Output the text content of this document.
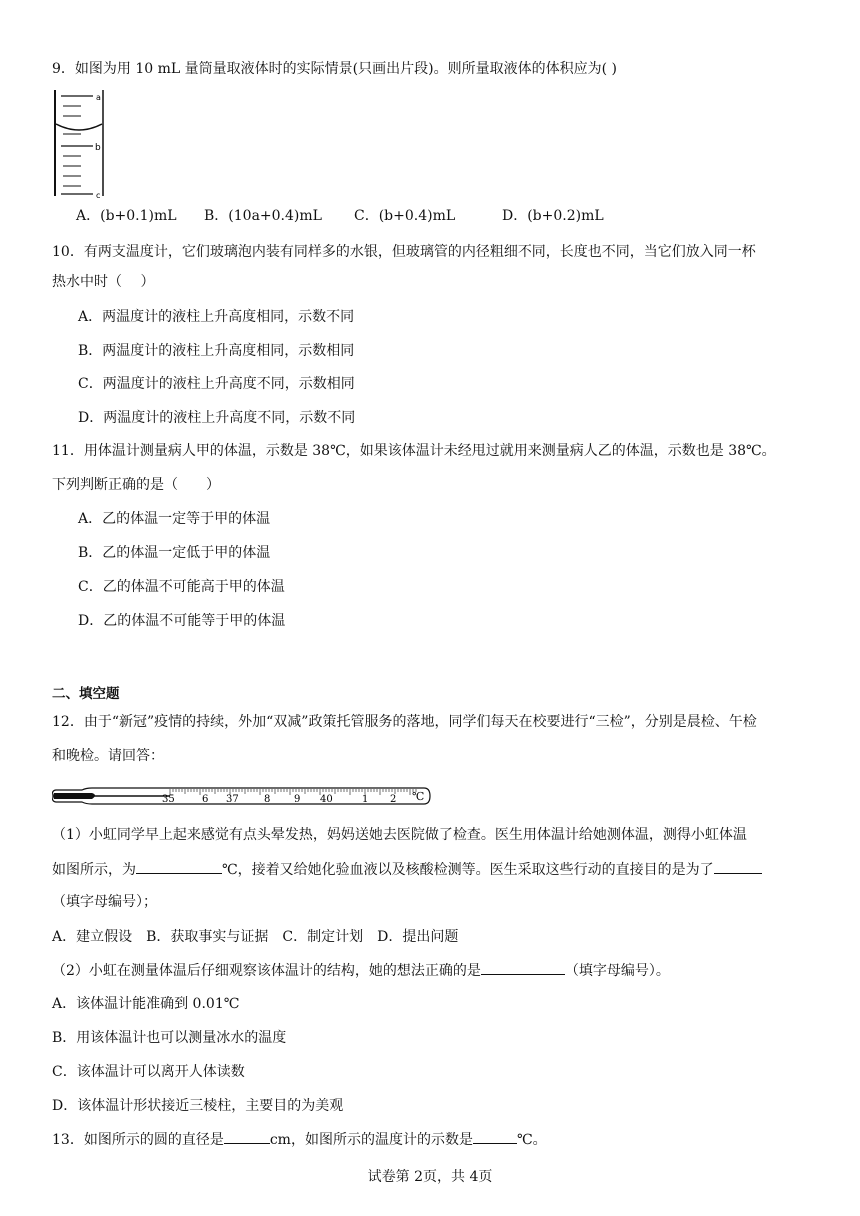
9．如图为用 10 mL 量筒量取液体时的实际情景(只画出片段)。则所量取液体的体积应为( )
a
b
c
A．(b+0.1)mL B．(10a+0.4)mL C．(b+0.4)mL	D．(b+0.2)mL
10．有两支温度计，它们玻璃泡内装有同样多的水银，但玻璃管的内径粗细不同，长度也不同，当它们放入同一杯
热水中时（　 ）
A．两温度计的液柱上升高度相同，示数不同
B．两温度计的液柱上升高度相同，示数相同
C．两温度计的液柱上升高度不同，示数相同
D．两温度计的液柱上升高度不同，示数不同
11．用体温计测量病人甲的体温，示数是 38℃，如果该体温计未经甩过就用来测量病人乙的体温，示数也是 38℃。
下列判断正确的是（　　）
A．乙的体温一定等于甲的体温
B．乙的体温一定低于甲的体温
C．乙的体温不可能高于甲的体温
D．乙的体温不可能等于甲的体温
二、填空题
12．由于“新冠”疫情的持续，外加“双减”政策托管服务的落地，同学们每天在校要进行“三检”，分别是晨检、午检
和晚检。请回答：
35	6 37	8 9 40	1 2 ℃
（1）小虹同学早上起来感觉有点头晕发热，妈妈送她去医院做了检查。医生用体温计给她测体温，测得小虹体温
如图所示，为	℃，接着又给她化验血液以及核酸检测等。医生采取这些行动的直接目的是为了
（填字母编号）；
A．建立假设　B．获取事实与证据　C．制定计划　D．提出问题
（2）小虹在测量体温后仔细观察该体温计的结构，她的想法正确的是	（填字母编号）。
A．该体温计能准确到 0.01℃
B．用该体温计也可以测量冰水的温度
C．该体温计可以离开人体读数
D．该体温计形状接近三棱柱，主要目的为美观
13．如图所示的圆的直径是	cm，如图所示的温度计的示数是	℃。
试卷第 2页，共 4页
